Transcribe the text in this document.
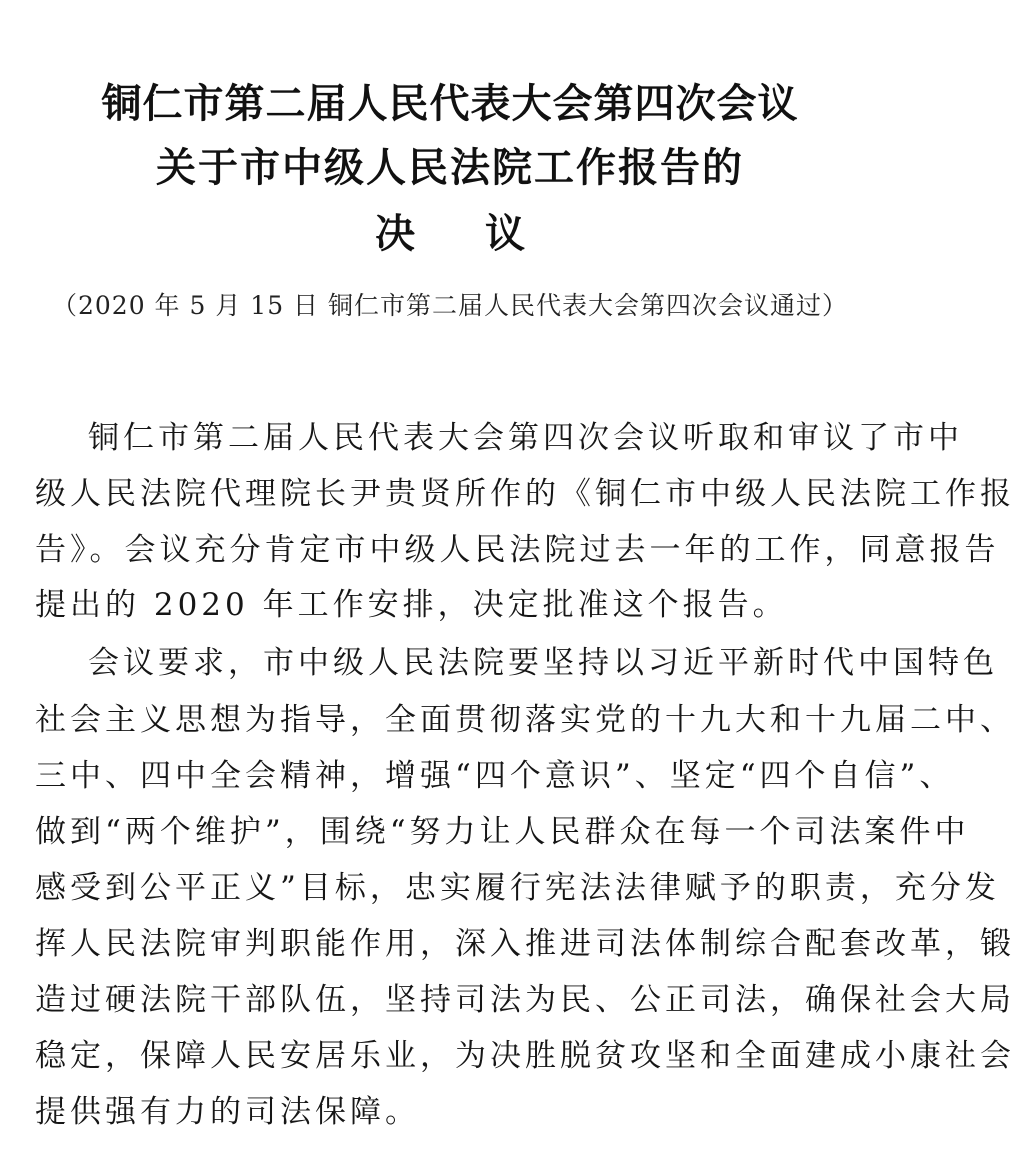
铜仁市第二届人民代表大会第四次会议
关于市中级人民法院工作报告的
决 议
（2020 年 5 月 15 日 铜仁市第二届人民代表大会第四次会议通过）
铜仁市第二届人民代表大会第四次会议听取和审议了市中
级人民法院代理院长尹贵贤所作的《铜仁市中级人民法院工作报
告》。会议充分肯定市中级人民法院过去一年的工作，同意报告
提出的 2020 年工作安排，决定批准这个报告。
会议要求，市中级人民法院要坚持以习近平新时代中国特色
社会主义思想为指导，全面贯彻落实党的十九大和十九届二中、
三中、四中全会精神，增强“四个意识”、坚定“四个自信”、
做到“两个维护”，围绕“努力让人民群众在每一个司法案件中
感受到公平正义”目标，忠实履行宪法法律赋予的职责，充分发
挥人民法院审判职能作用，深入推进司法体制综合配套改革，锻
造过硬法院干部队伍，坚持司法为民、公正司法，确保社会大局
稳定，保障人民安居乐业，为决胜脱贫攻坚和全面建成小康社会
提供强有力的司法保障。
